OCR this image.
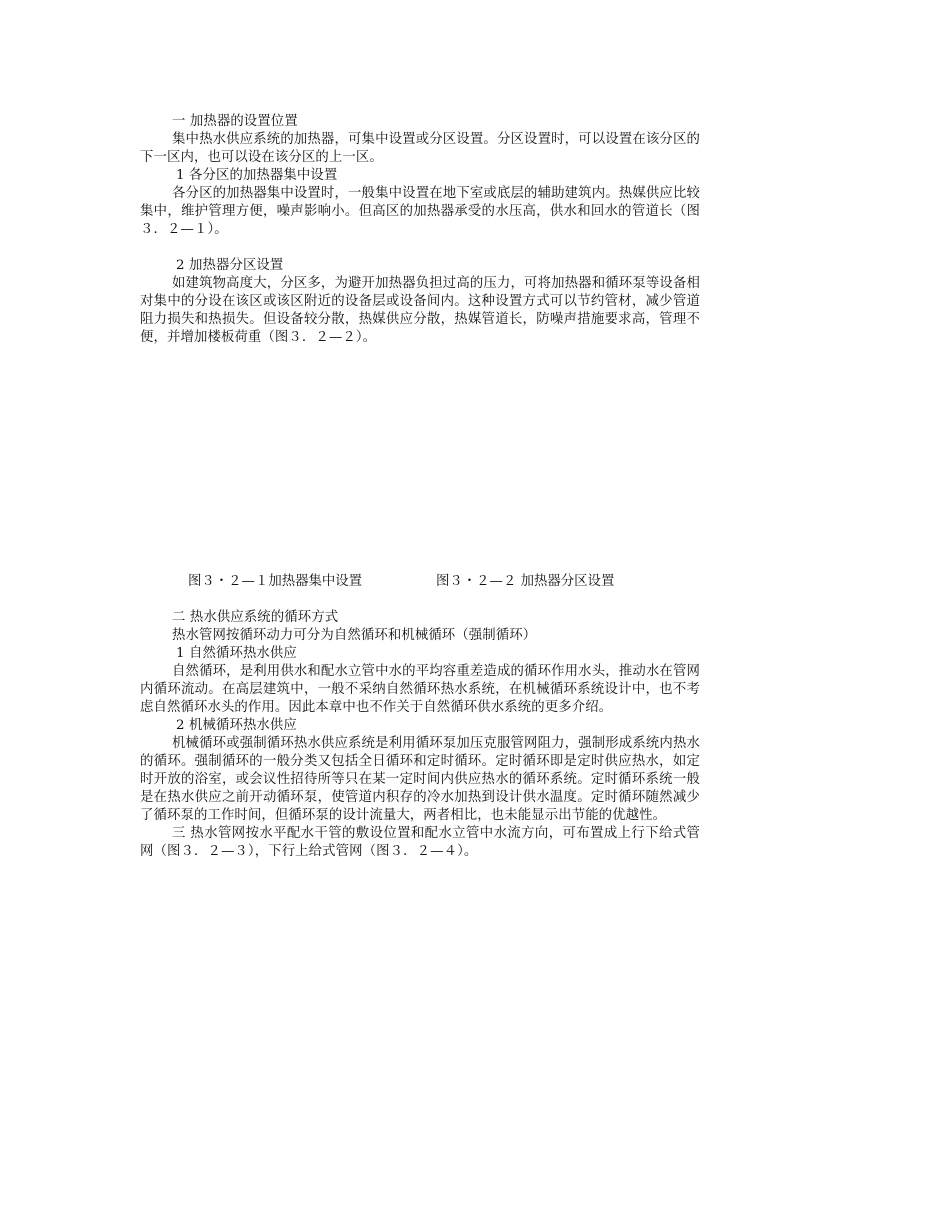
一 加热器的设置位置

集中热水供应系统的加热器，可集中设置或分区设置。分区设置时，可以设置在该分区的下一区内，也可以设在该分区的上一区。

1 各分区的加热器集中设置

各分区的加热器集中设置时，一般集中设置在地下室或底层的辅助建筑内。热媒供应比较集中，维护管理方便，噪声影响小。但高区的加热器承受的水压高，供水和回水的管道长（图３．２—１）。

2 加热器分区设置

如建筑物高度大，分区多，为避开加热器负担过高的压力，可将加热器和循环泵等设备相对集中的分设在该区或该区附近的设备层或设备间内。这种设置方式可以节约管材，减少管道阻力损失和热损失。但设备较分散，热媒供应分散，热媒管道长，防噪声措施要求高，管理不便，并增加楼板荷重（图３．２—２）。

图３・２—１加热器集中设置	图３・２—２ 加热器分区设置

二 热水供应系统的循环方式

热水管网按循环动力可分为自然循环和机械循环（强制循环）

1 自然循环热水供应

自然循环，是利用供水和配水立管中水的平均容重差造成的循环作用水头，推动水在管网内循环流动。在高层建筑中，一般不采纳自然循环热水系统，在机械循环系统设计中，也不考虑自然循环水头的作用。因此本章中也不作关于自然循环供水系统的更多介绍。

2 机械循环热水供应

机械循环或强制循环热水供应系统是利用循环泵加压克服管网阻力，强制形成系统内热水的循环。强制循环的一般分类又包括全日循环和定时循环。定时循环即是定时供应热水，如定时开放的浴室，或会议性招待所等只在某一定时间内供应热水的循环系统。定时循环系统一般是在热水供应之前开动循环泵，使管道内积存的冷水加热到设计供水温度。定时循环随然减少了循环泵的工作时间，但循环泵的设计流量大，两者相比，也未能显示出节能的优越性。

三 热水管网按水平配水干管的敷设位置和配水立管中水流方向，可布置成上行下给式管网（图３．２—３），下行上给式管网（图３．２—４）。
